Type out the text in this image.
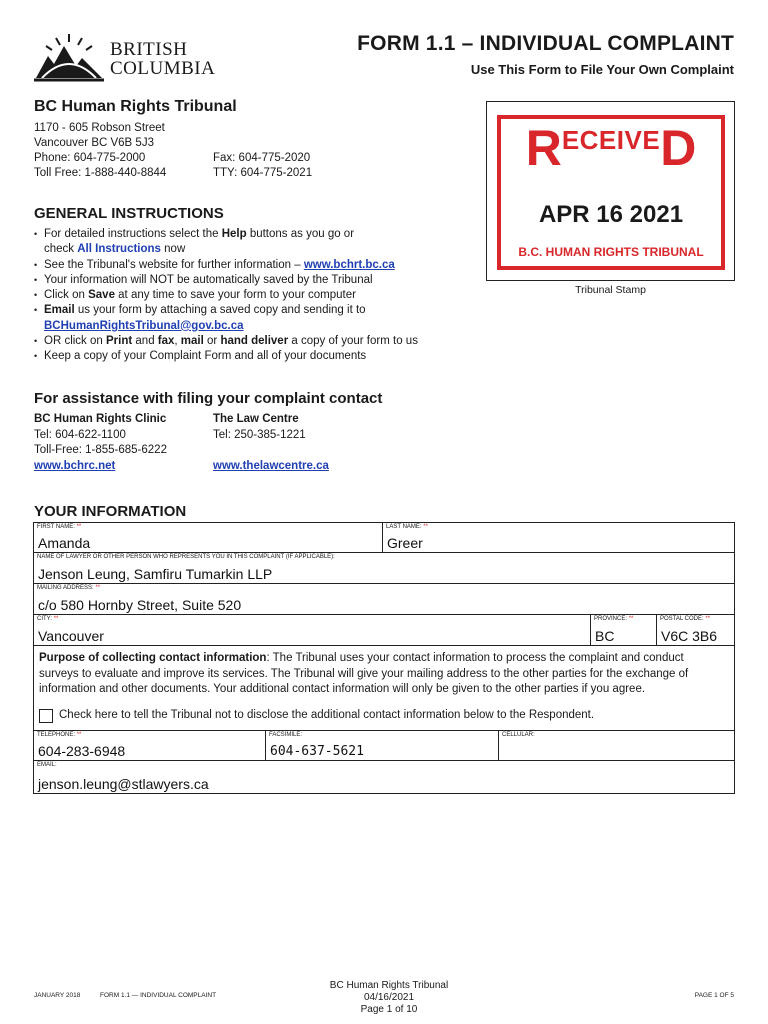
BRITISH
COLUMBIA
FORM 1.1 – INDIVIDUAL COMPLAINT
Use This Form to File Your Own Complaint
BC Human Rights Tribunal
1170 - 605 Robson Street
Vancouver BC V6B 5J3
Phone: 604-775-2000	Fax: 604-775-2020
Toll Free: 1-888-440-8844	TTY: 604-775-2021	RECEIVED
APR 16 2021
B.C. HUMAN RIGHTS TRIBUNAL
Tribunal Stamp
GENERAL INSTRUCTIONS
• For detailed instructions select the Help buttons as you go or
check All Instructions now
• See the Tribunal's website for further information – www.bchrt.bc.ca
• Your information will NOT be automatically saved by the Tribunal
• Click on Save at any time to save your form to your computer
• Email us your form by attaching a saved copy and sending it to
BCHumanRightsTribunal@gov.bc.ca
• OR click on Print and fax, mail or hand deliver a copy of your form to us
• Keep a copy of your Complaint Form and all of your documents
For assistance with filing your complaint contact
BC Human Rights Clinic
Tel: 604-622-1100
Toll-Free: 1-855-685-6222
www.bchrc.net
The Law Centre
Tel: 250-385-1221
www.thelawcentre.ca
YOUR INFORMATION
FIRST NAME: **
Amanda
LAST NAME: **
Greer
NAME OF LAWYER OR OTHER PERSON WHO REPRESENTS YOU IN THIS COMPLAINT (IF APPLICABLE):
Jenson Leung, Samfiru Tumarkin LLP
MAILING ADDRESS: **
c/o 580 Hornby Street, Suite 520
CITY: **
Vancouver
PROVINCE: **
BC
POSTAL CODE: **
V6C 3B6
Purpose of collecting contact information: The Tribunal uses your contact information to process the complaint and conduct
surveys to evaluate and improve its services. The Tribunal will give your mailing address to the other parties for the exchange of
information and other documents. Your additional contact information will only be given to the other parties if you agree.
Check here to tell the Tribunal not to disclose the additional contact information below to the Respondent.
TELEPHONE: **
604-283-6948
FACSIMILE:
604-637-5621
CELLULAR:
EMAIL:
jenson.leung@stlawyers.ca
JANUARY 2018	FORM 1.1 — INDIVIDUAL COMPLAINT	PAGE 1 OF 5
BC Human Rights Tribunal
04/16/2021
Page 1 of 10
